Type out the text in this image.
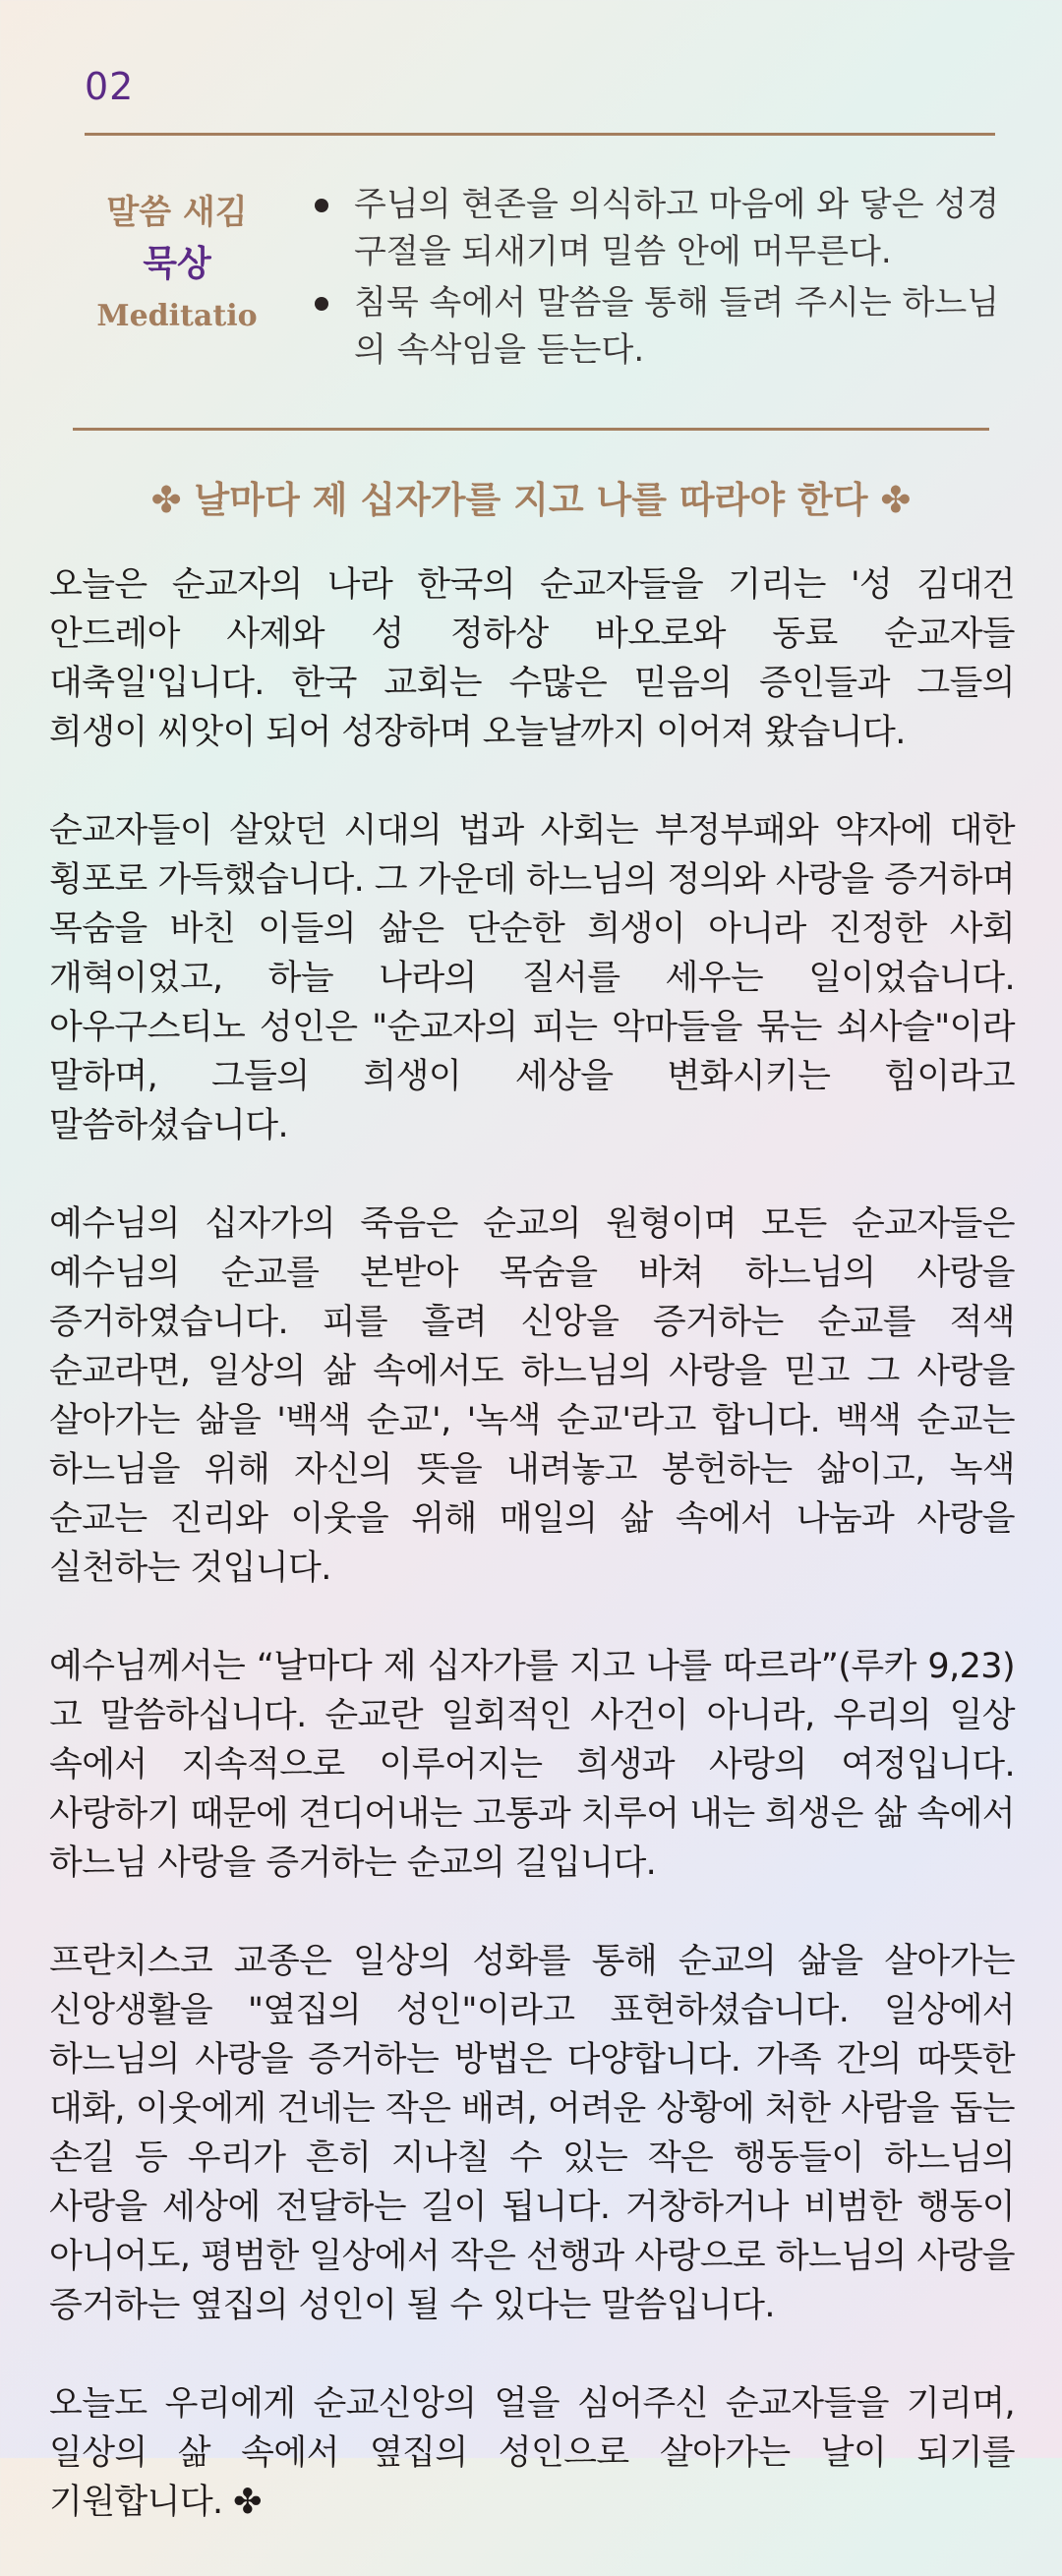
02
말씀 새김
묵상
Meditatio
주님의 현존을 의식하고 마음에 와 닿은 성경구절을 되새기며 밀씀 안에 머무른다.
침묵 속에서 말씀을 통해 들려 주시는 하느님의 속삭임을 듣는다.
✤ 날마다 제 십자가를 지고 나를 따라야 한다 ✤

오늘은 순교자의 나라 한국의 순교자들을 기리는 '성 김대건 안드레아 사제와 성 정하상 바오로와 동료 순교자들 대축일'입니다. 한국 교회는 수많은 믿음의 증인들과 그들의 희생이 씨앗이 되어 성장하며 오늘날까지 이어져 왔습니다.

순교자들이 살았던 시대의 법과 사회는 부정부패와 약자에 대한 횡포로 가득했습니다. 그 가운데 하느님의 정의와 사랑을 증거하며 목숨을 바친 이들의 삶은 단순한 희생이 아니라 진정한 사회 개혁이었고, 하늘 나라의 질서를 세우는 일이었습니다. 아우구스티노 성인은 "순교자의 피는 악마들을 묶는 쇠사슬"이라 말하며, 그들의 희생이 세상을 변화시키는 힘이라고 말씀하셨습니다.

예수님의 십자가의 죽음은 순교의 원형이며 모든 순교자들은 예수님의 순교를 본받아 목숨을 바쳐 하느님의 사랑을 증거하였습니다. 피를 흘려 신앙을 증거하는 순교를 적색 순교라면, 일상의 삶 속에서도 하느님의 사랑을 믿고 그 사랑을 살아가는 삶을 '백색 순교', '녹색 순교'라고 합니다. 백색 순교는 하느님을 위해 자신의 뜻을 내려놓고 봉헌하는 삶이고, 녹색 순교는 진리와 이웃을 위해 매일의 삶 속에서 나눔과 사랑을 실천하는 것입니다.

예수님께서는 “날마다 제 십자가를 지고 나를 따르라”(루카 9,23)고 말씀하십니다. 순교란 일회적인 사건이 아니라, 우리의 일상 속에서 지속적으로 이루어지는 희생과 사랑의 여정입니다. 사랑하기 때문에 견디어내는 고통과 치루어 내는 희생은 삶 속에서 하느님 사랑을 증거하는 순교의 길입니다.

프란치스코 교종은 일상의 성화를 통해 순교의 삶을 살아가는 신앙생활을 "옆집의 성인"이라고 표현하셨습니다. 일상에서 하느님의 사랑을 증거하는 방법은 다양합니다. 가족 간의 따뜻한 대화, 이웃에게 건네는 작은 배려, 어려운 상황에 처한 사람을 돕는 손길 등 우리가 흔히 지나칠 수 있는 작은 행동들이 하느님의 사랑을 세상에 전달하는 길이 됩니다. 거창하거나 비범한 행동이 아니어도, 평범한 일상에서 작은 선행과 사랑으로 하느님의 사랑을 증거하는 옆집의 성인이 될 수 있다는 말씀입니다.

오늘도 우리에게 순교신앙의 얼을 심어주신 순교자들을 기리며, 일상의 삶 속에서 옆집의 성인으로 살아가는 날이 되기를 기원합니다. ✤
